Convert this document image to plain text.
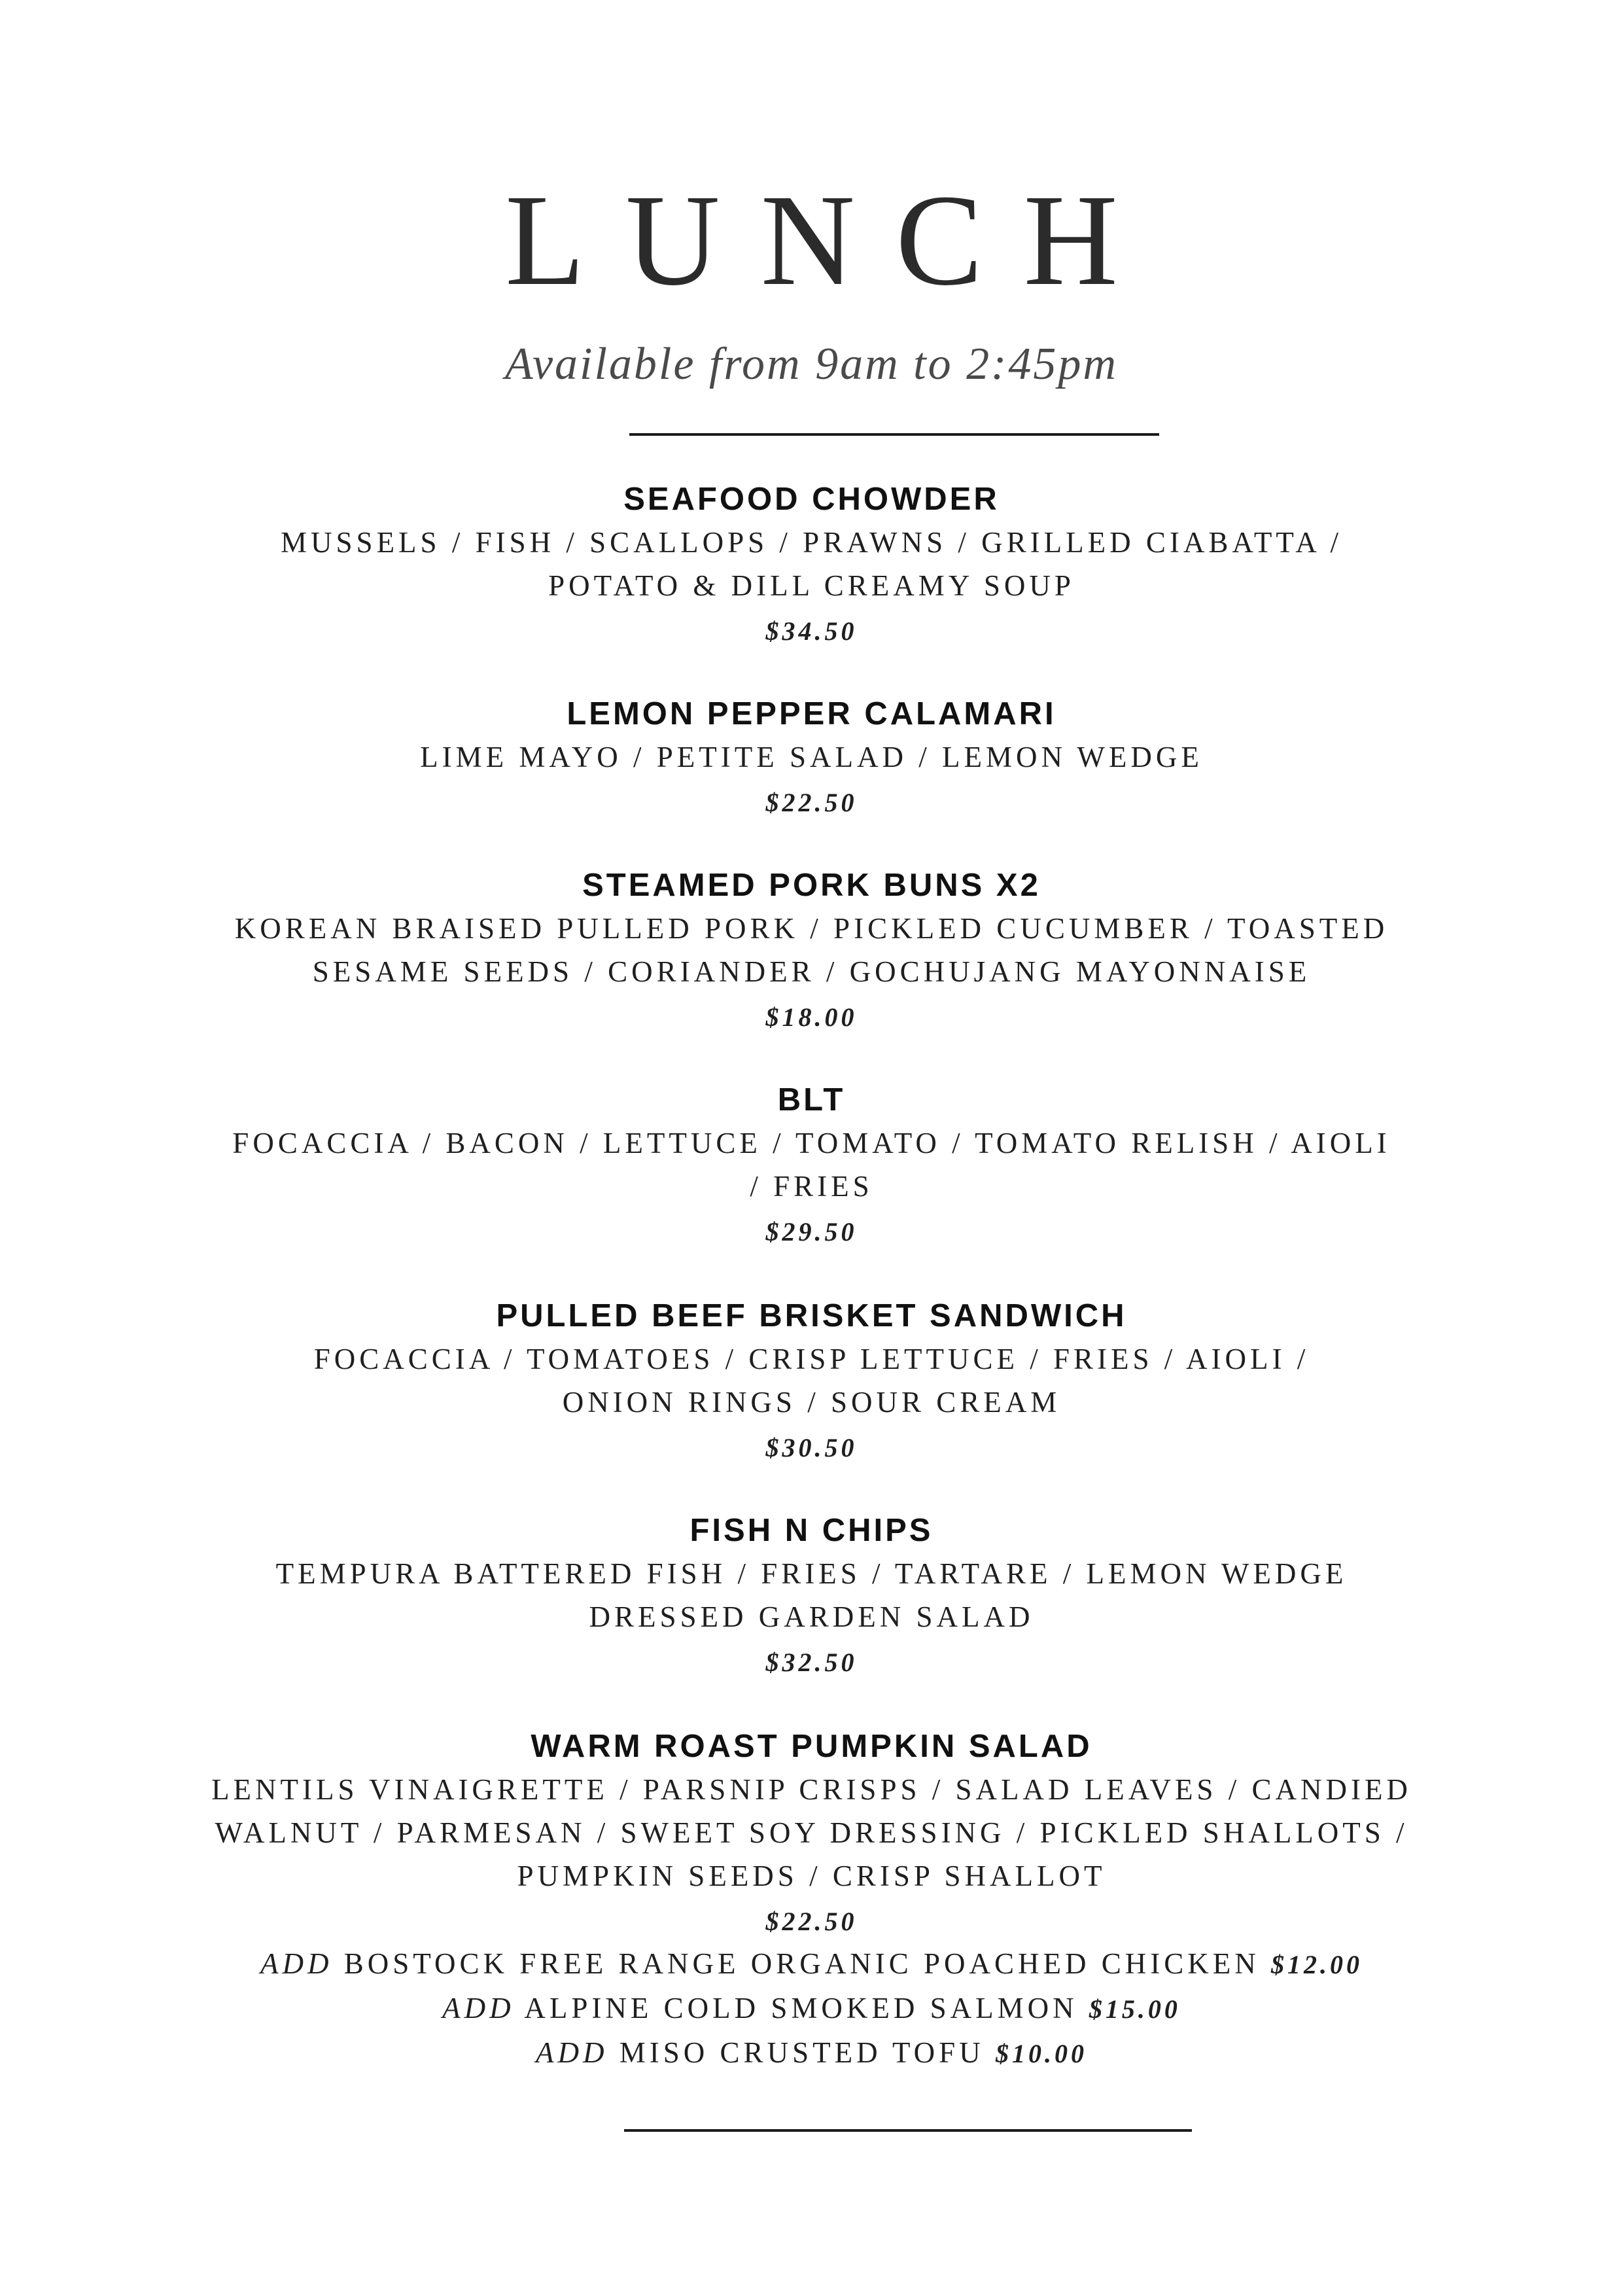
LUNCH
Available from 9am to 2:45pm
SEAFOOD CHOWDER
MUSSELS / FISH / SCALLOPS / PRAWNS / GRILLED CIABATTA /
POTATO & DILL CREAMY SOUP
$34.50
LEMON PEPPER CALAMARI
LIME MAYO / PETITE SALAD / LEMON WEDGE
$22.50
STEAMED PORK BUNS X2
KOREAN BRAISED PULLED PORK / PICKLED CUCUMBER / TOASTED
SESAME SEEDS / CORIANDER / GOCHUJANG MAYONNAISE
$18.00
BLT
FOCACCIA / BACON / LETTUCE / TOMATO / TOMATO RELISH / AIOLI
/ FRIES
$29.50
PULLED BEEF BRISKET SANDWICH
FOCACCIA / TOMATOES / CRISP LETTUCE / FRIES / AIOLI /
ONION RINGS / SOUR CREAM
$30.50
FISH N CHIPS
TEMPURA BATTERED FISH / FRIES / TARTARE / LEMON WEDGE
DRESSED GARDEN SALAD
$32.50
WARM ROAST PUMPKIN SALAD
LENTILS VINAIGRETTE / PARSNIP CRISPS / SALAD LEAVES / CANDIED
WALNUT / PARMESAN / SWEET SOY DRESSING / PICKLED SHALLOTS /
PUMPKIN SEEDS / CRISP SHALLOT
$22.50
ADD BOSTOCK FREE RANGE ORGANIC POACHED CHICKEN $12.00
ADD ALPINE COLD SMOKED SALMON $15.00
ADD MISO CRUSTED TOFU $10.00
